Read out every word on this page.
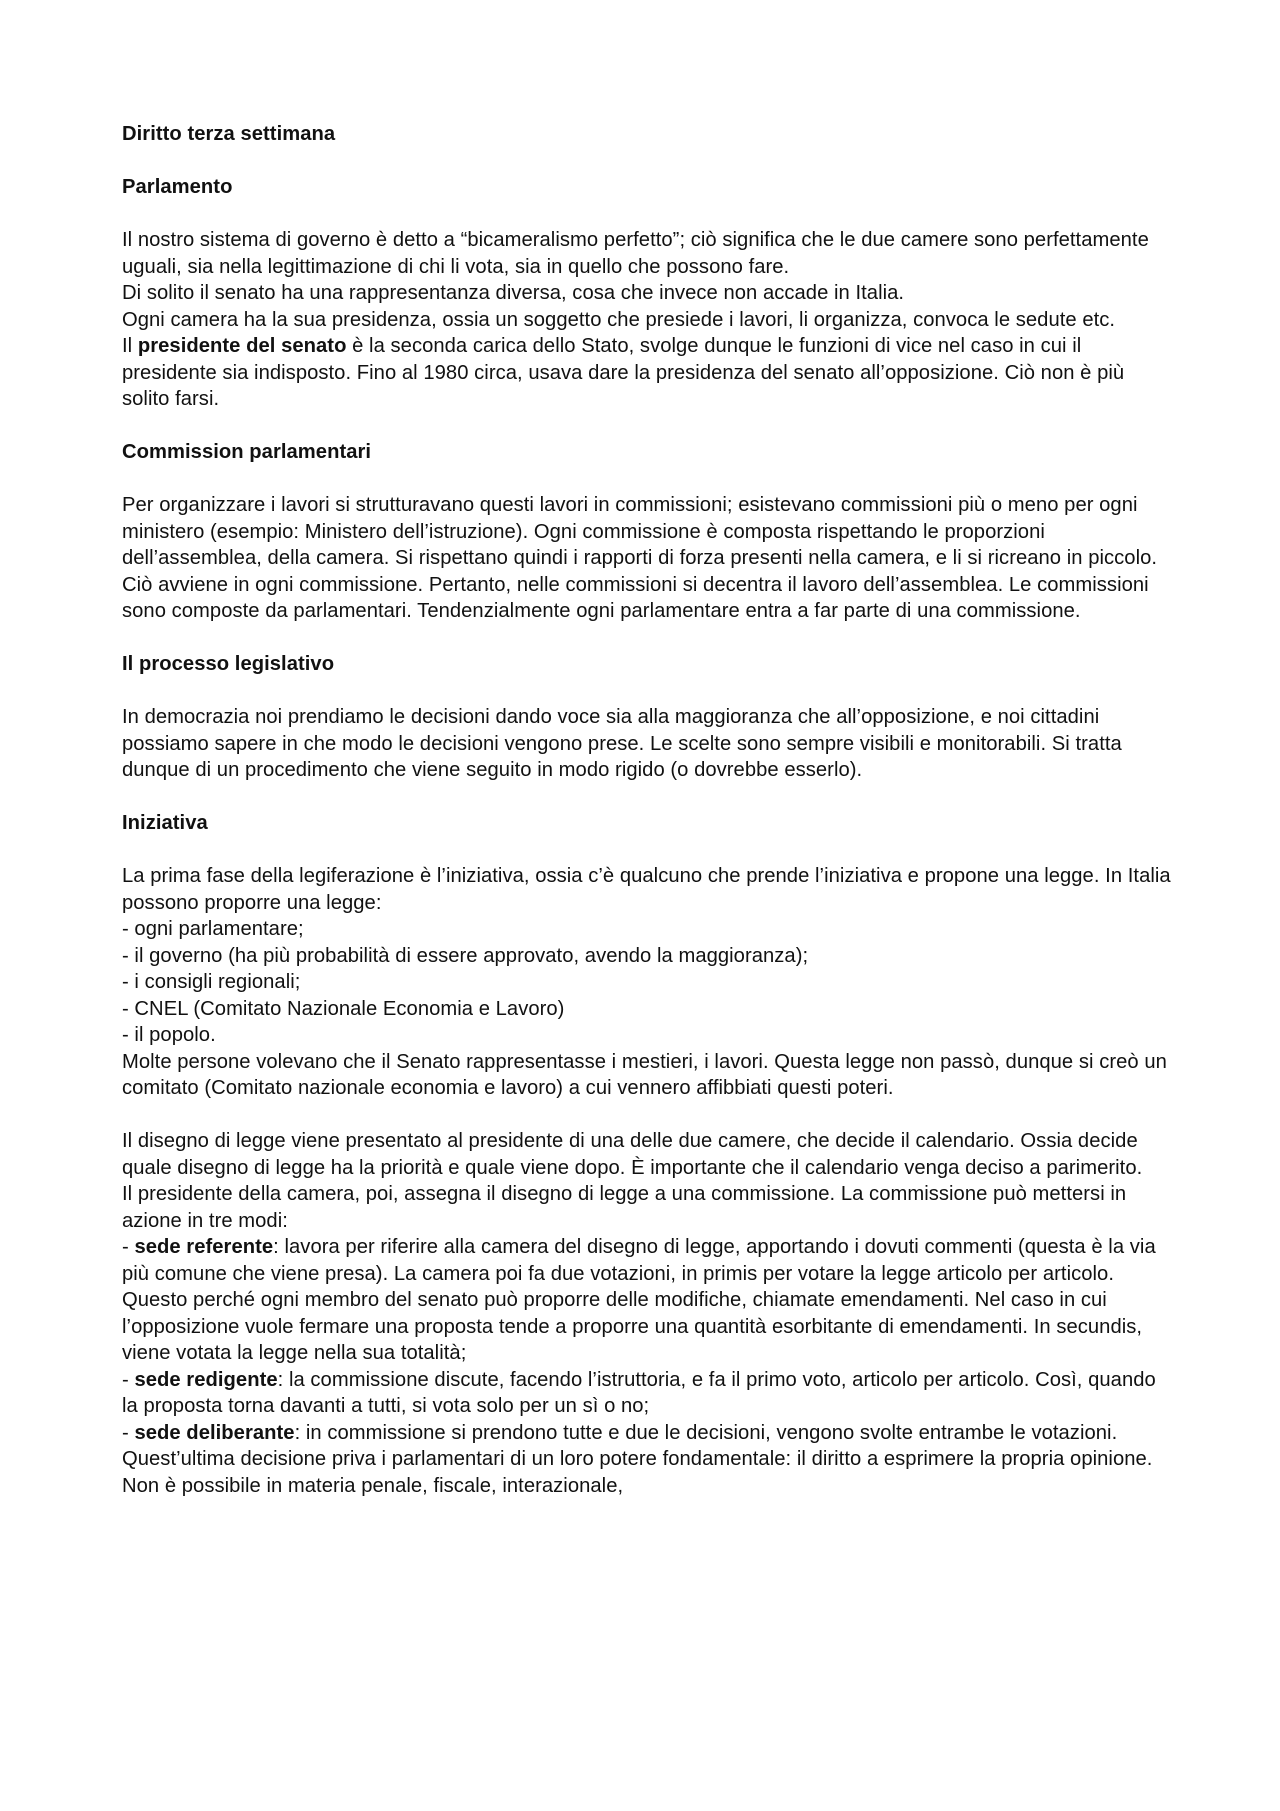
Diritto terza settimana

Parlamento

Il nostro sistema di governo è detto a “bicameralismo perfetto”; ciò significa che le due camere sono perfettamente uguali, sia nella legittimazione di chi li vota, sia in quello che possono fare.

Di solito il senato ha una rappresentanza diversa, cosa che invece non accade in Italia.

Ogni camera ha la sua presidenza, ossia un soggetto che presiede i lavori, li organizza, convoca le sedute etc.

Il presidente del senato è la seconda carica dello Stato, svolge dunque le funzioni di vice nel caso in cui il presidente sia indisposto. Fino al 1980 circa, usava dare la presidenza del senato all’opposizione. Ciò non è più solito farsi.

Commission parlamentari

Per organizzare i lavori si strutturavano questi lavori in commissioni; esistevano commissioni più o meno per ogni ministero (esempio: Ministero dell’istruzione). Ogni commissione è composta rispettando le proporzioni dell’assemblea, della camera. Si rispettano quindi i rapporti di forza presenti nella camera, e li si ricreano in piccolo. Ciò avviene in ogni commissione. Pertanto, nelle commissioni si decentra il lavoro dell’assemblea. Le commissioni sono composte da parlamentari. Tendenzialmente ogni parlamentare entra a far parte di una commissione.

Il processo legislativo

In democrazia noi prendiamo le decisioni dando voce sia alla maggioranza che all’opposizione, e noi cittadini possiamo sapere in che modo le decisioni vengono prese. Le scelte sono sempre visibili e monitorabili. Si tratta dunque di un procedimento che viene seguito in modo rigido (o dovrebbe esserlo).

Iniziativa

La prima fase della legiferazione è l’iniziativa, ossia c’è qualcuno che prende l’iniziativa e propone una legge. In Italia possono proporre una legge:

- ogni parlamentare;

- il governo (ha più probabilità di essere approvato, avendo la maggioranza);

- i consigli regionali;

- CNEL (Comitato Nazionale Economia e Lavoro)

- il popolo.

Molte persone volevano che il Senato rappresentasse i mestieri, i lavori. Questa legge non passò, dunque si creò un comitato (Comitato nazionale economia e lavoro) a cui vennero affibbiati questi poteri.

Il disegno di legge viene presentato al presidente di una delle due camere, che decide il calendario. Ossia decide quale disegno di legge ha la priorità e quale viene dopo. È importante che il calendario venga deciso a parimerito.

Il presidente della camera, poi, assegna il disegno di legge a una commissione. La commissione può mettersi in azione in tre modi:

- sede referente: lavora per riferire alla camera del disegno di legge, apportando i dovuti commenti (questa è la via più comune che viene presa). La camera poi fa due votazioni, in primis per votare la legge articolo per articolo. Questo perché ogni membro del senato può proporre delle modifiche, chiamate emendamenti. Nel caso in cui l’opposizione vuole fermare una proposta tende a proporre una quantità esorbitante di emendamenti. In secundis, viene votata la legge nella sua totalità;

- sede redigente: la commissione discute, facendo l’istruttoria, e fa il primo voto, articolo per articolo. Così, quando la proposta torna davanti a tutti, si vota solo per un sì o no;

- sede deliberante: in commissione si prendono tutte e due le decisioni, vengono svolte entrambe le votazioni. Quest’ultima decisione priva i parlamentari di un loro potere fondamentale: il diritto a esprimere la propria opinione. Non è possibile in materia penale, fiscale, interazionale,
